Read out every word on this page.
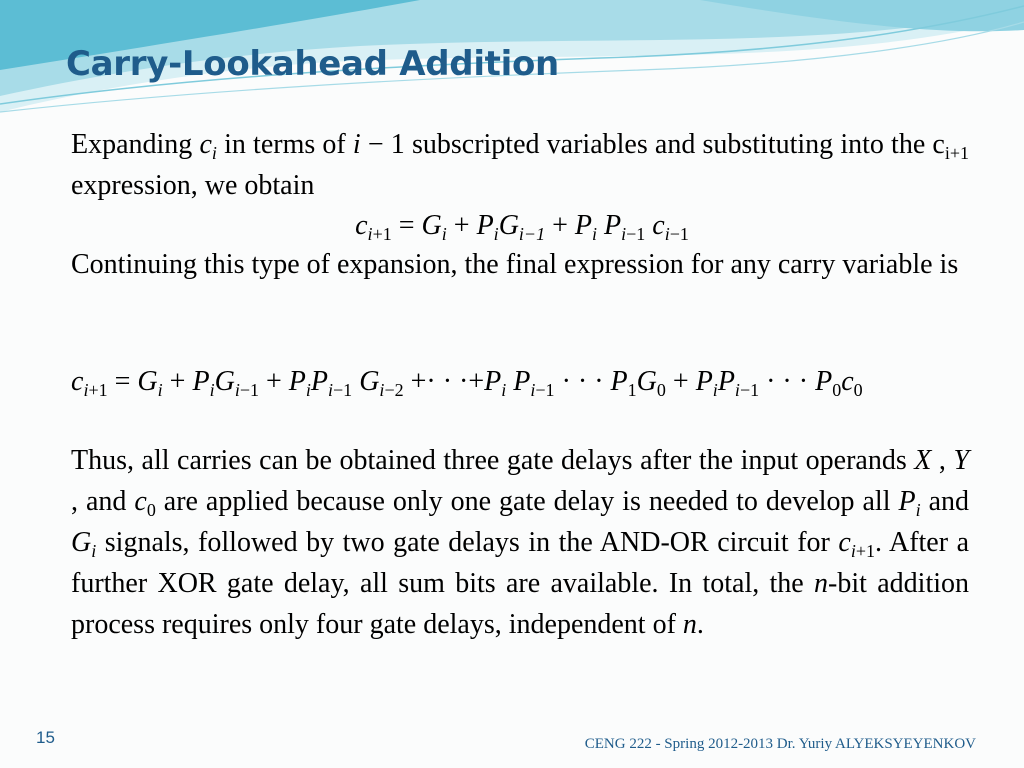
Carry-Lookahead Addition
Expanding $c_i$ in terms of i − 1 subscripted variables and substituting into the $c_{i+1}$ expression, we obtain
$c_{i+1} = G_i + P_iG_{i-1} + P_i$ $P_{i-1}$ $c_{i-1}$
Continuing this type of expansion, the final expression for any carry variable is
$c_{i+1} = G_i + P_iG_{i-1} + P_iP_{i-1}$ $G_{i-2}$ +· · $\cdot+P_i$ $P_{i-1}$ · · · $P_1G_0 + P_iP_{i-1}$ · · · $P_0c_0$
Thus, all carries can be obtained three gate delays after the input operands X , Y , and $c_0$ are applied because only one gate delay is needed to develop all $P_i$ and $G_i$ signals, followed by two gate delays in the AND-OR circuit for $c_{i+1}$. After a further XOR gate delay, all sum bits are available. In total, the n-bit addition process requires only four gate delays, independent of n.
15	CENG 222 - Spring 2012-2013 Dr. Yuriy ALYEKSYEYENKOV
